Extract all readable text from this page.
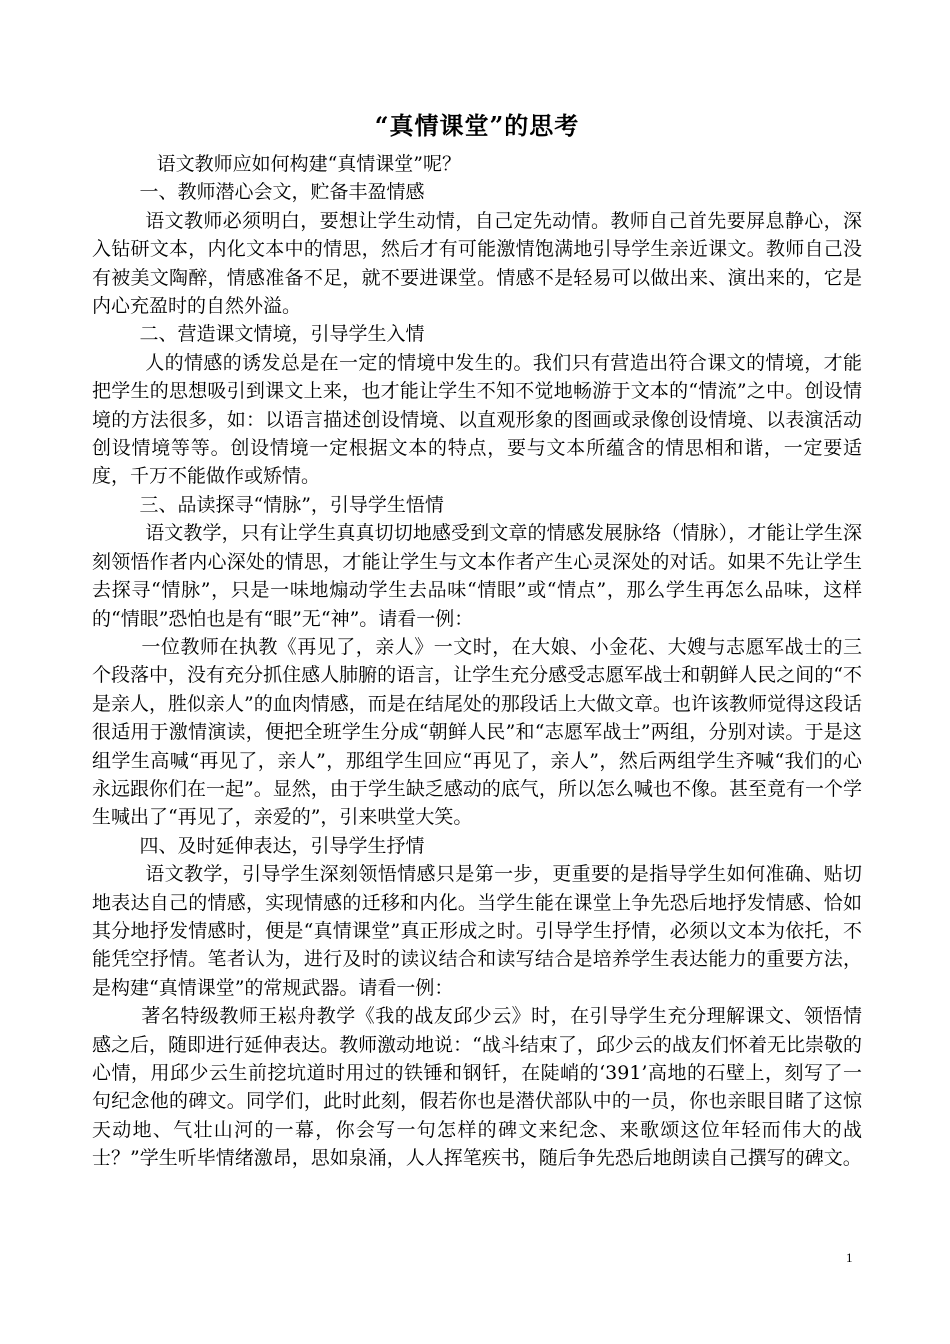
“真情课堂”的思考

语文教师应如何构建“真情课堂”呢？

一、教师潜心会文，贮备丰盈情感

语文教师必须明白，要想让学生动情，自己定先动情。教师自己首先要屏息静心，深入钻研文本，内化文本中的情思，然后才有可能激情饱满地引导学生亲近课文。教师自己没有被美文陶醉，情感准备不足，就不要进课堂。情感不是轻易可以做出来、演出来的，它是内心充盈时的自然外溢。

二、营造课文情境，引导学生入情

人的情感的诱发总是在一定的情境中发生的。我们只有营造出符合课文的情境，才能把学生的思想吸引到课文上来，也才能让学生不知不觉地畅游于文本的“情流”之中。创设情境的方法很多，如：以语言描述创设情境、以直观形象的图画或录像创设情境、以表演活动创设情境等等。创设情境一定根据文本的特点，要与文本所蕴含的情思相和谐，一定要适度，千万不能做作或矫情。

三、品读探寻“情脉”，引导学生悟情

语文教学，只有让学生真真切切地感受到文章的情感发展脉络（情脉），才能让学生深刻领悟作者内心深处的情思，才能让学生与文本作者产生心灵深处的对话。如果不先让学生去探寻“情脉”，只是一味地煽动学生去品味“情眼”或“情点”，那么学生再怎么品味，这样的“情眼”恐怕也是有“眼”无“神”。请看一例：

一位教师在执教《再见了，亲人》一文时，在大娘、小金花、大嫂与志愿军战士的三个段落中，没有充分抓住感人肺腑的语言，让学生充分感受志愿军战士和朝鲜人民之间的“不是亲人，胜似亲人”的血肉情感，而是在结尾处的那段话上大做文章。也许该教师觉得这段话很适用于激情演读，便把全班学生分成“朝鲜人民”和“志愿军战士”两组，分别对读。于是这组学生高喊“再见了，亲人”，那组学生回应“再见了，亲人”，然后两组学生齐喊“我们的心永远跟你们在一起”。显然，由于学生缺乏感动的底气，所以怎么喊也不像。甚至竟有一个学生喊出了“再见了，亲爱的”，引来哄堂大笑。

四、及时延伸表达，引导学生抒情

语文教学，引导学生深刻领悟情感只是第一步，更重要的是指导学生如何准确、贴切地表达自己的情感，实现情感的迁移和内化。当学生能在课堂上争先恐后地抒发情感、恰如其分地抒发情感时，便是“真情课堂”真正形成之时。引导学生抒情，必须以文本为依托，不能凭空抒情。笔者认为，进行及时的读议结合和读写结合是培养学生表达能力的重要方法，是构建“真情课堂”的常规武器。请看一例：

著名特级教师王崧舟教学《我的战友邱少云》时，在引导学生充分理解课文、领悟情感之后，随即进行延伸表达。教师激动地说：“战斗结束了，邱少云的战友们怀着无比崇敬的心情，用邱少云生前挖坑道时用过的铁锤和钢钎，在陡峭的‘391’高地的石壁上，刻写了一句纪念他的碑文。同学们，此时此刻，假若你也是潜伏部队中的一员，你也亲眼目睹了这惊天动地、气壮山河的一幕，你会写一句怎样的碑文来纪念、来歌颂这位年轻而伟大的战士？”学生听毕情绪激昂，思如泉涌，人人挥笔疾书，随后争先恐后地朗读自己撰写的碑文。

1
